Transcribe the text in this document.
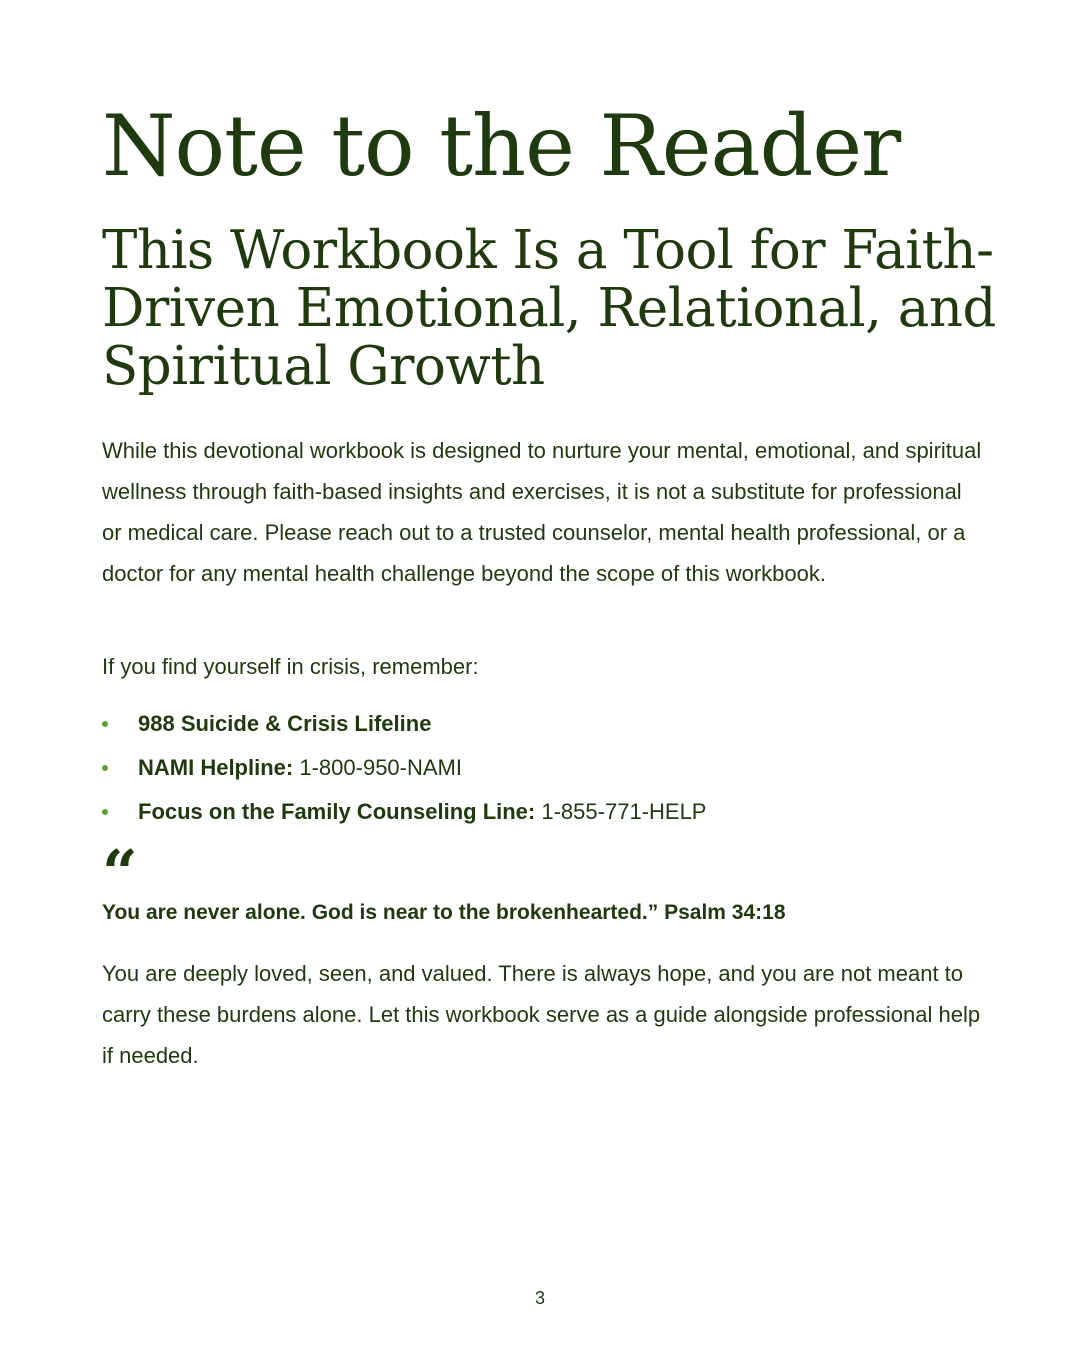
Note to the Reader
This Workbook Is a Tool for Faith-Driven Emotional, Relational, and Spiritual Growth

While this devotional workbook is designed to nurture your mental, emotional, and spiritual wellness through faith-based insights and exercises, it is not a substitute for professional or medical care. Please reach out to a trusted counselor, mental health professional, or a doctor for any mental health challenge beyond the scope of this workbook.

If you find yourself in crisis, remember:

988 Suicide & Crisis Lifeline
NAMI Helpline: 1-800-950-NAMI
Focus on the Family Counseling Line: 1-855-771-HELP
“

You are never alone. God is near to the brokenhearted.” Psalm 34:18

You are deeply loved, seen, and valued. There is always hope, and you are not meant to carry these burdens alone. Let this workbook serve as a guide alongside professional help if needed.

3
